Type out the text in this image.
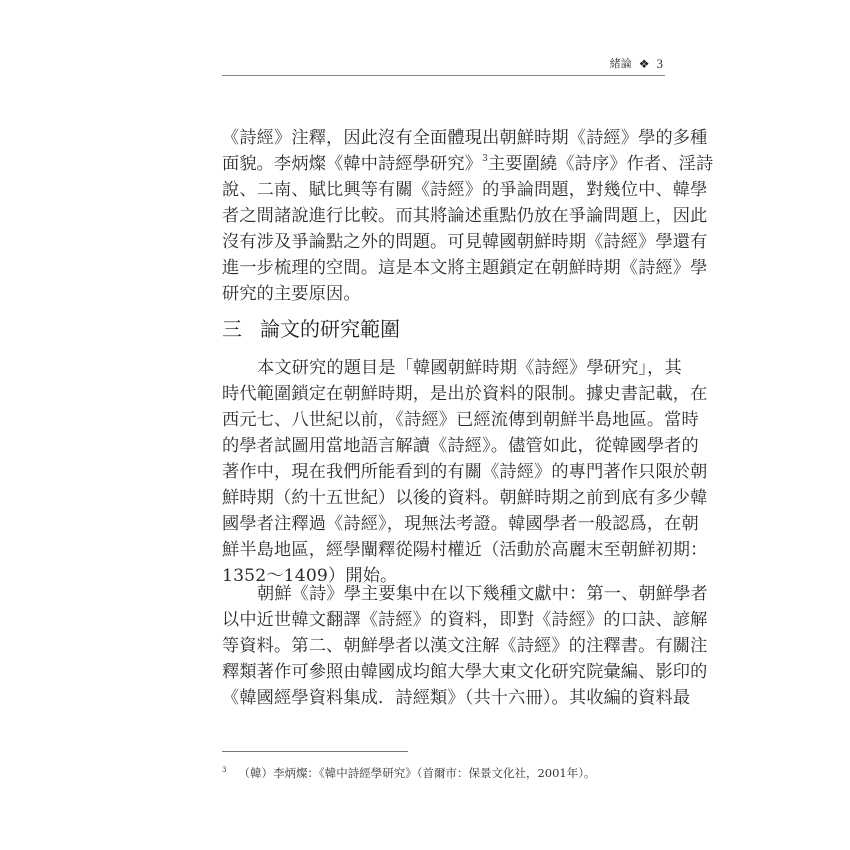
緒論 ❖ 3
《詩經》注釋，因此沒有全面體現出朝鮮時期《詩經》學的多種
面貌。李炳燦《韓中詩經學研究》$^3$主要圍繞《詩序》作者、淫詩
說、二南、賦比興等有關《詩經》的爭論問題，對幾位中、韓學
者之間諸說進行比較。而其將論述重點仍放在爭論問題上，因此
沒有涉及爭論點之外的問題。可見韓國朝鮮時期《詩經》學還有
進一步梳理的空間。這是本文將主題鎖定在朝鮮時期《詩經》學
研究的主要原因。
三 論文的研究範圍
本文研究的題目是「韓國朝鮮時期《詩經》學研究」，其
時代範圍鎖定在朝鮮時期，是出於資料的限制。據史書記載，在
西元七、八世紀以前，《詩經》已經流傳到朝鮮半島地區。當時
的學者試圖用當地語言解讀《詩經》。儘管如此，從韓國學者的
著作中，現在我們所能看到的有關《詩經》的專門著作只限於朝
鮮時期（約十五世紀）以後的資料。朝鮮時期之前到底有多少韓
國學者注釋過《詩經》，現無法考證。韓國學者一般認爲，在朝
鮮半島地區，經學闡釋從陽村權近（活動於高麗末至朝鮮初期：
1352～1409）開始。
朝鮮《詩》學主要集中在以下幾種文獻中：第一、朝鮮學者
以中近世韓文翻譯《詩經》的資料，即對《詩經》的口訣、諺解
等資料。第二、朝鮮學者以漢文注解《詩經》的注釋書。有關注
釋類著作可參照由韓國成均館大學大東文化研究院彙編、影印的
《韓國經學資料集成．詩經類》（共十六冊）。其收編的資料最
$^3$ （韓）李炳燦：《韓中詩經學研究》（首爾市：保景文化社，2001年）。
